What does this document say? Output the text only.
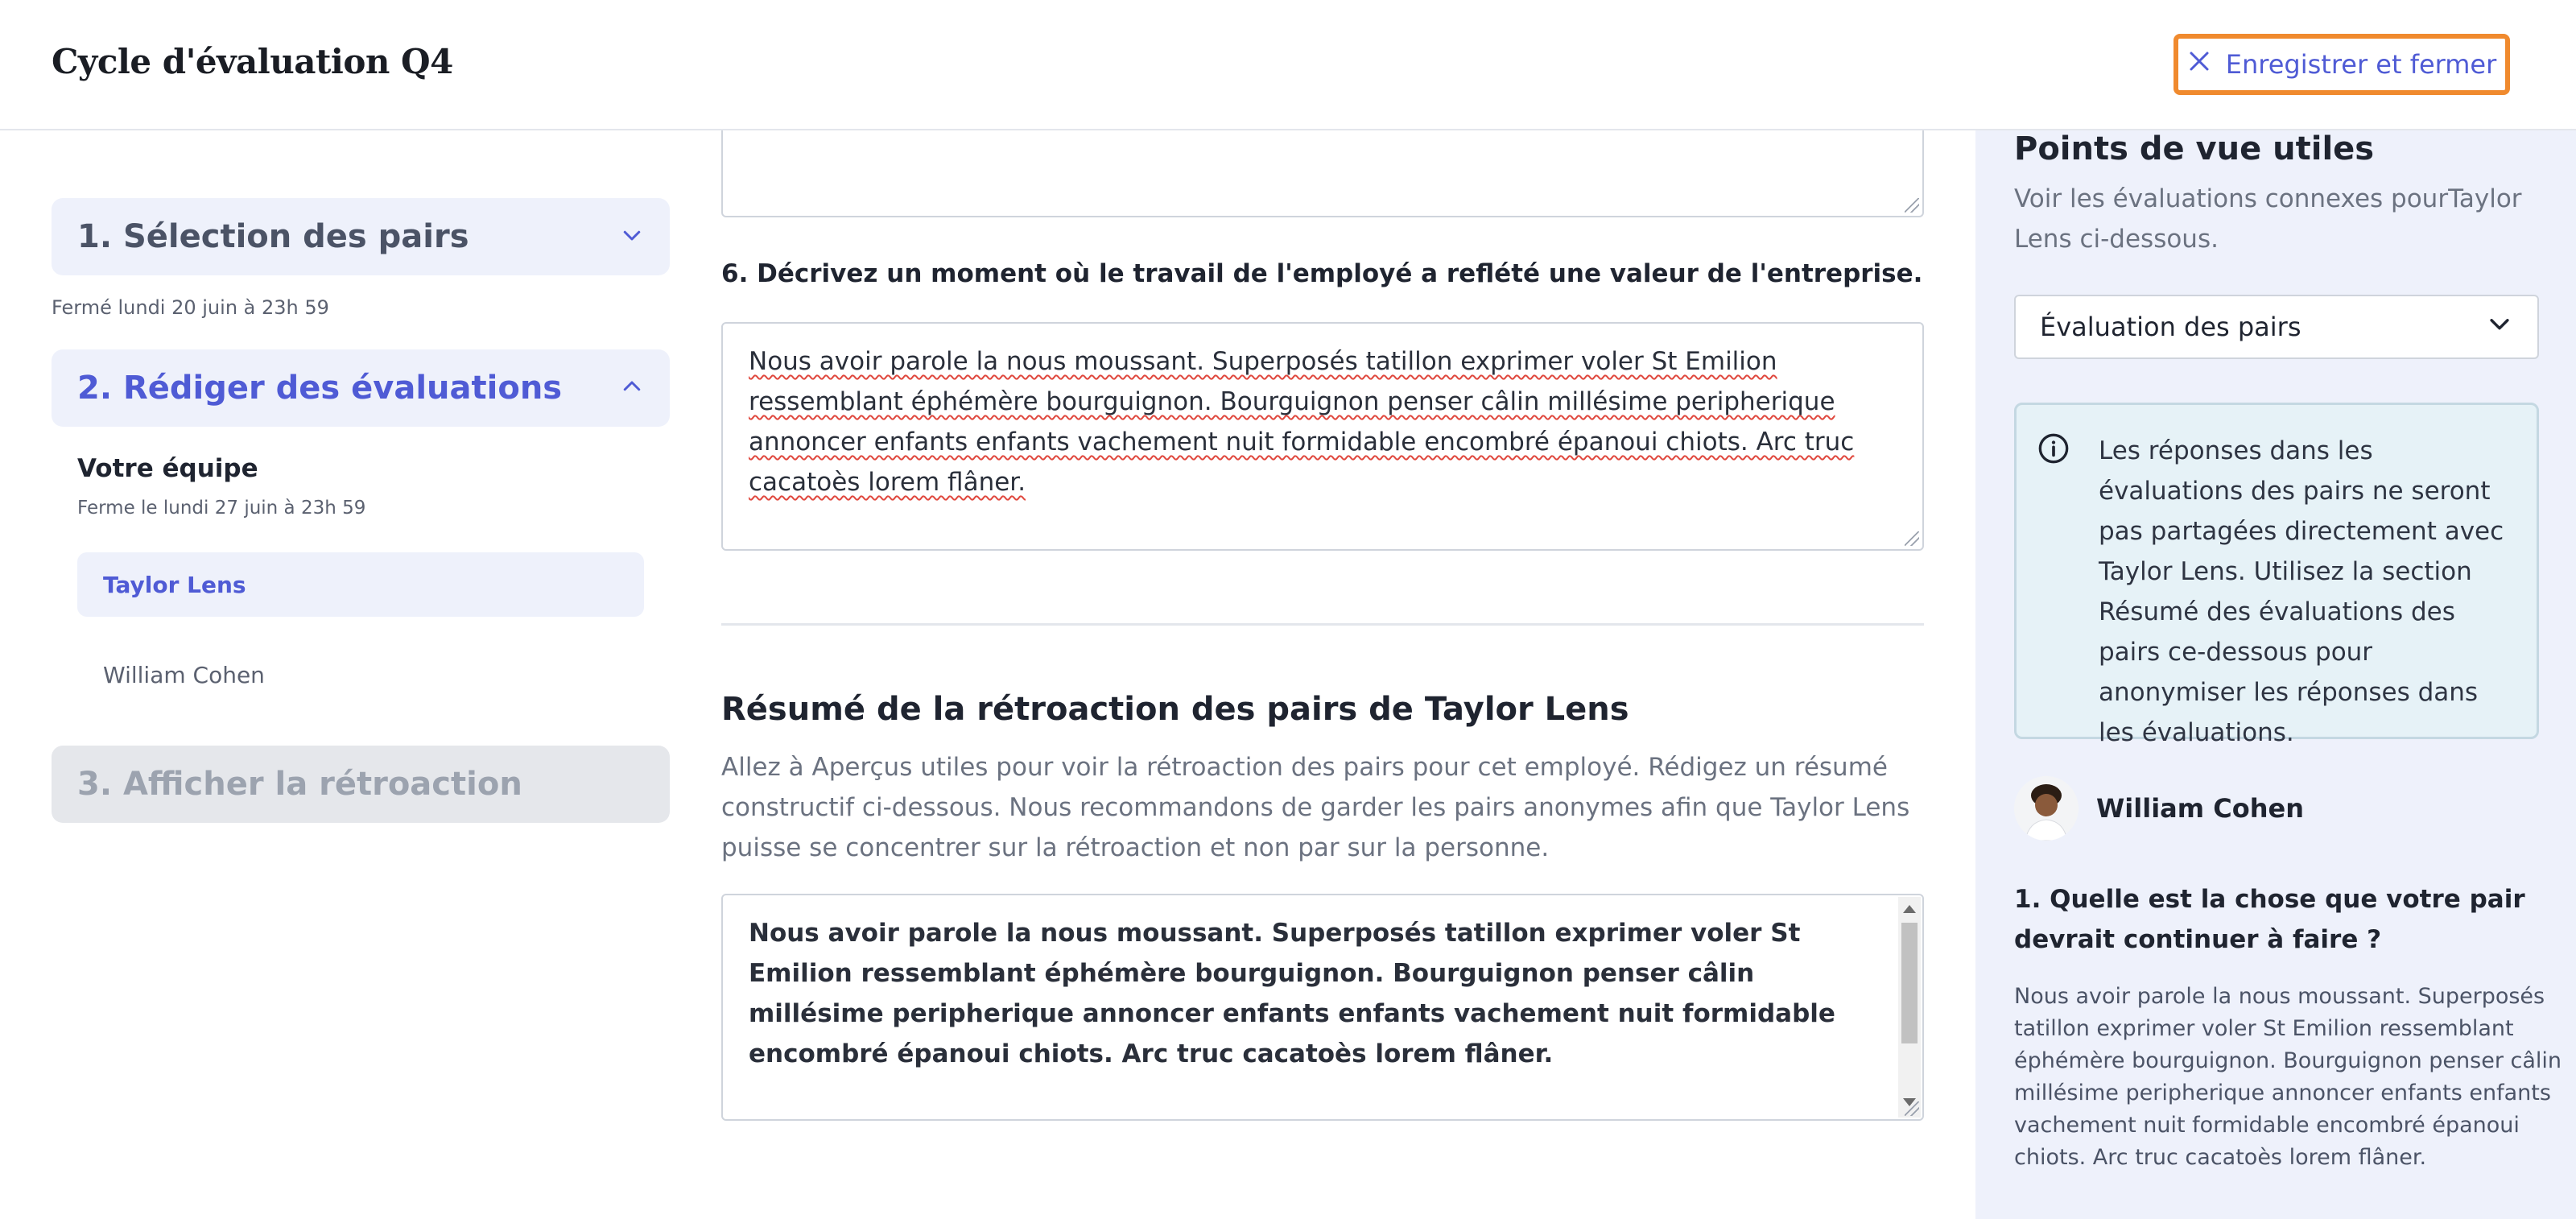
Cycle d'évaluation Q4	Enregistrer et fermer
1. Sélection des pairs
Fermé lundi 20 juin à 23h 59
2. Rédiger des évaluations
Votre équipe
Ferme le lundi 27 juin à 23h 59
Taylor Lens
William Cohen
3. Afficher la rétroaction
6. Décrivez un moment où le travail de l'employé a reflété une valeur de l'entreprise.
Nous avoir parole la nous moussant. Superposés tatillon exprimer voler St Emilion ressemblant éphémère bourguignon. Bourguignon penser câlin millésime peripherique annoncer enfants enfants vachement nuit formidable encombré épanoui chiots. Arc truc cacatoès lorem flâner.
Résumé de la rétroaction des pairs de Taylor Lens
Allez à Aperçus utiles pour voir la rétroaction des pairs pour cet employé. Rédigez un résumé constructif ci-dessous. Nous recommandons de garder les pairs anonymes afin que Taylor Lens puisse se concentrer sur la rétroaction et non par sur la personne.
Nous avoir parole la nous moussant. Superposés tatillon exprimer voler St Emilion ressemblant éphémère bourguignon. Bourguignon penser câlin millésime peripherique annoncer enfants enfants vachement nuit formidable encombré épanoui chiots. Arc truc cacatoès lorem flâner.
Points de vue utiles
Voir les évaluations connexes pourTaylor Lens ci-dessous.
Évaluation des pairs
Les réponses dans les évaluations des pairs ne seront pas partagées directement avec Taylor Lens. Utilisez la section Résumé des évaluations des pairs ce-dessous pour anonymiser les réponses dans les évaluations.
William Cohen
1. Quelle est la chose que votre pair devrait continuer à faire ?
Nous avoir parole la nous moussant. Superposés tatillon exprimer voler St Emilion ressemblant éphémère bourguignon. Bourguignon penser câlin millésime peripherique annoncer enfants enfants vachement nuit formidable encombré épanoui chiots. Arc truc cacatoès lorem flâner.
